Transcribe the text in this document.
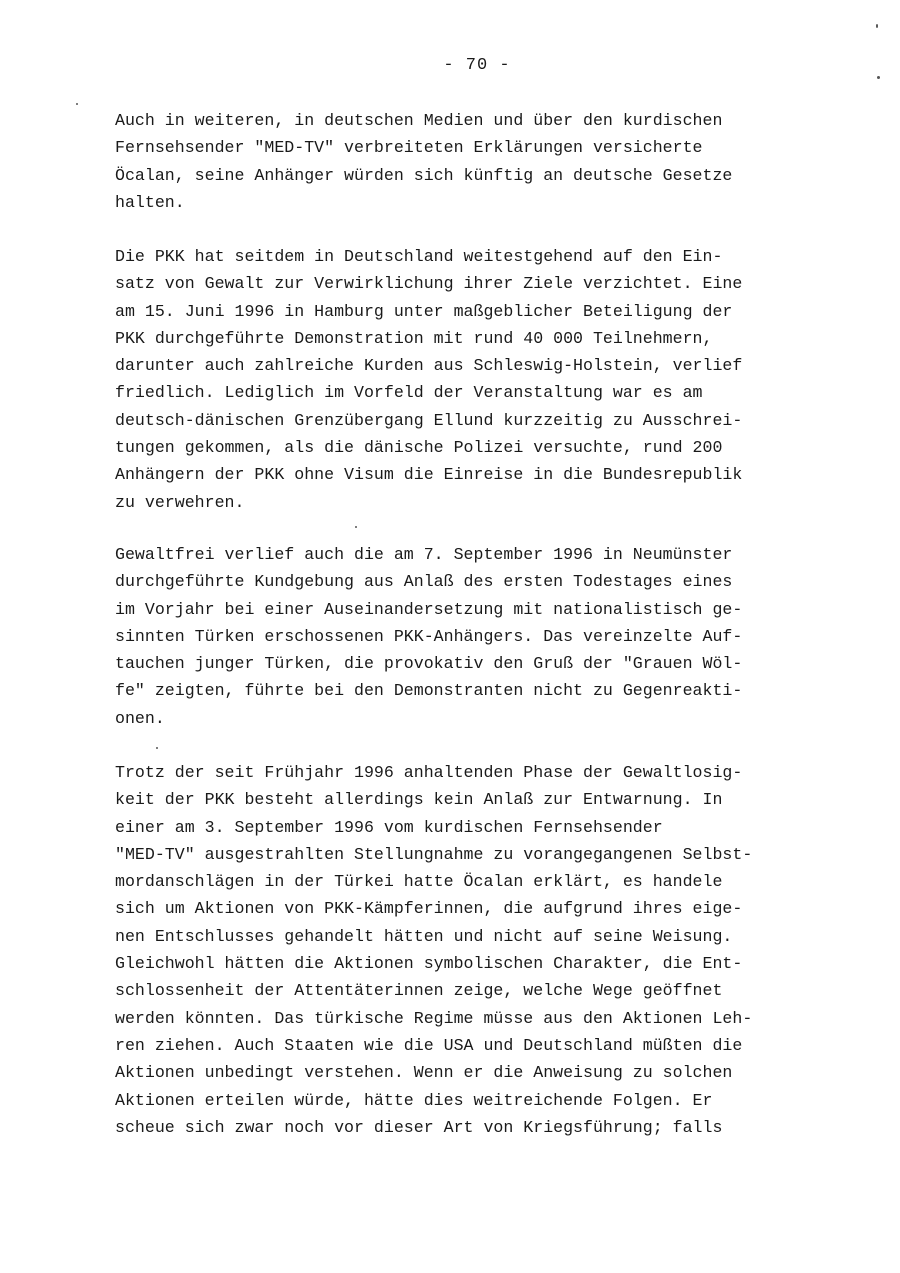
- 70 -
Auch in weiteren, in deutschen Medien und über den kurdischen
Fernsehsender "MED-TV" verbreiteten Erklärungen versicherte
Öcalan, seine Anhänger würden sich künftig an deutsche Gesetze
halten.
Die PKK hat seitdem in Deutschland weitestgehend auf den Ein-
satz von Gewalt zur Verwirklichung ihrer Ziele verzichtet. Eine
am 15. Juni 1996 in Hamburg unter maßgeblicher Beteiligung der
PKK durchgeführte Demonstration mit rund 40 000 Teilnehmern,
darunter auch zahlreiche Kurden aus Schleswig-Holstein, verlief
friedlich. Lediglich im Vorfeld der Veranstaltung war es am
deutsch-dänischen Grenzübergang Ellund kurzzeitig zu Ausschrei-
tungen gekommen, als die dänische Polizei versuchte, rund 200
Anhängern der PKK ohne Visum die Einreise in die Bundesrepublik
zu verwehren.
Gewaltfrei verlief auch die am 7. September 1996 in Neumünster
durchgeführte Kundgebung aus Anlaß des ersten Todestages eines
im Vorjahr bei einer Auseinandersetzung mit nationalistisch ge-
sinnten Türken erschossenen PKK-Anhängers. Das vereinzelte Auf-
tauchen junger Türken, die provokativ den Gruß der "Grauen Wöl-
fe" zeigten, führte bei den Demonstranten nicht zu Gegenreakti-
onen.
Trotz der seit Frühjahr 1996 anhaltenden Phase der Gewaltlosig-
keit der PKK besteht allerdings kein Anlaß zur Entwarnung. In
einer am 3. September 1996 vom kurdischen Fernsehsender
"MED-TV" ausgestrahlten Stellungnahme zu vorangegangenen Selbst-
mordanschlägen in der Türkei hatte Öcalan erklärt, es handele
sich um Aktionen von PKK-Kämpferinnen, die aufgrund ihres eige-
nen Entschlusses gehandelt hätten und nicht auf seine Weisung.
Gleichwohl hätten die Aktionen symbolischen Charakter, die Ent-
schlossenheit der Attentäterinnen zeige, welche Wege geöffnet
werden könnten. Das türkische Regime müsse aus den Aktionen Leh-
ren ziehen. Auch Staaten wie die USA und Deutschland müßten die
Aktionen unbedingt verstehen. Wenn er die Anweisung zu solchen
Aktionen erteilen würde, hätte dies weitreichende Folgen. Er
scheue sich zwar noch vor dieser Art von Kriegsführung; falls
